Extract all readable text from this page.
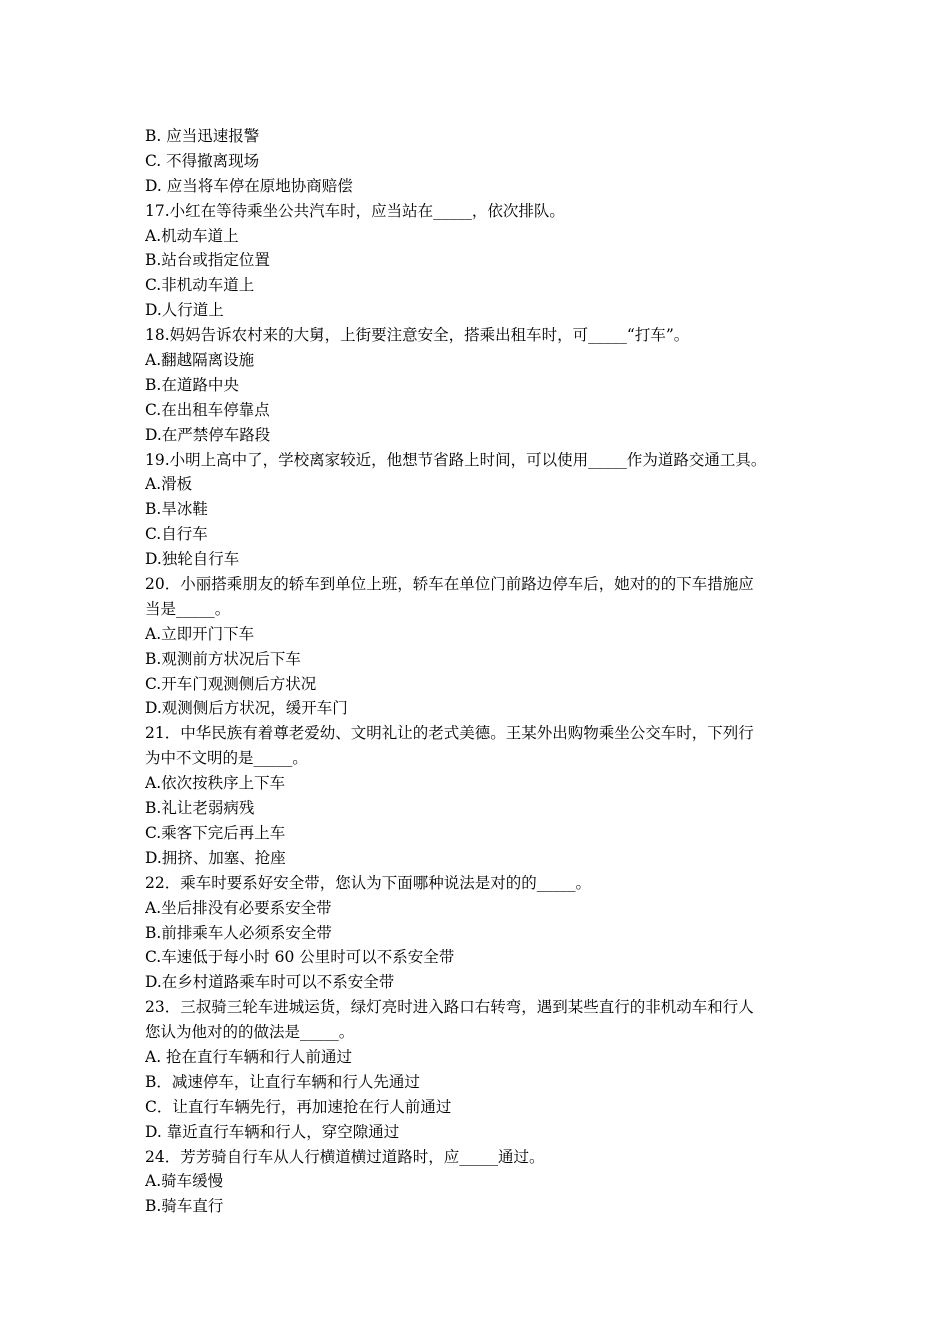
B. 应当迅速报警
C. 不得撤离现场
D. 应当将车停在原地协商赔偿
17.小红在等待乘坐公共汽车时，应当站在_____，依次排队。
A.机动车道上
B.站台或指定位置
C.非机动车道上
D.人行道上
18.妈妈告诉农村来的大舅，上街要注意安全，搭乘出租车时，可_____“打车”。
A.翻越隔离设施
B.在道路中央
C.在出租车停靠点
D.在严禁停车路段
19.小明上高中了，学校离家较近，他想节省路上时间，可以使用_____作为道路交通工具。
A.滑板
B.旱冰鞋
C.自行车
D.独轮自行车
20．小丽搭乘朋友的轿车到单位上班，轿车在单位门前路边停车后，她对的的下车措施应
当是_____。
A.立即开门下车
B.观测前方状况后下车
C.开车门观测侧后方状况
D.观测侧后方状况，缓开车门
21．中华民族有着尊老爱幼、文明礼让的老式美德。王某外出购物乘坐公交车时，下列行
为中不文明的是_____。
A.依次按秩序上下车
B.礼让老弱病残
C.乘客下完后再上车
D.拥挤、加塞、抢座
22．乘车时要系好安全带，您认为下面哪种说法是对的的_____。
A.坐后排没有必要系安全带
B.前排乘车人必须系安全带
C.车速低于每小时 60 公里时可以不系安全带
D.在乡村道路乘车时可以不系安全带
23．三叔骑三轮车进城运货，绿灯亮时进入路口右转弯，遇到某些直行的非机动车和行人
您认为他对的的做法是_____。
A. 抢在直行车辆和行人前通过
B．减速停车，让直行车辆和行人先通过
C．让直行车辆先行，再加速抢在行人前通过
D. 靠近直行车辆和行人，穿空隙通过
24．芳芳骑自行车从人行横道横过道路时，应_____通过。
A.骑车缓慢
B.骑车直行
